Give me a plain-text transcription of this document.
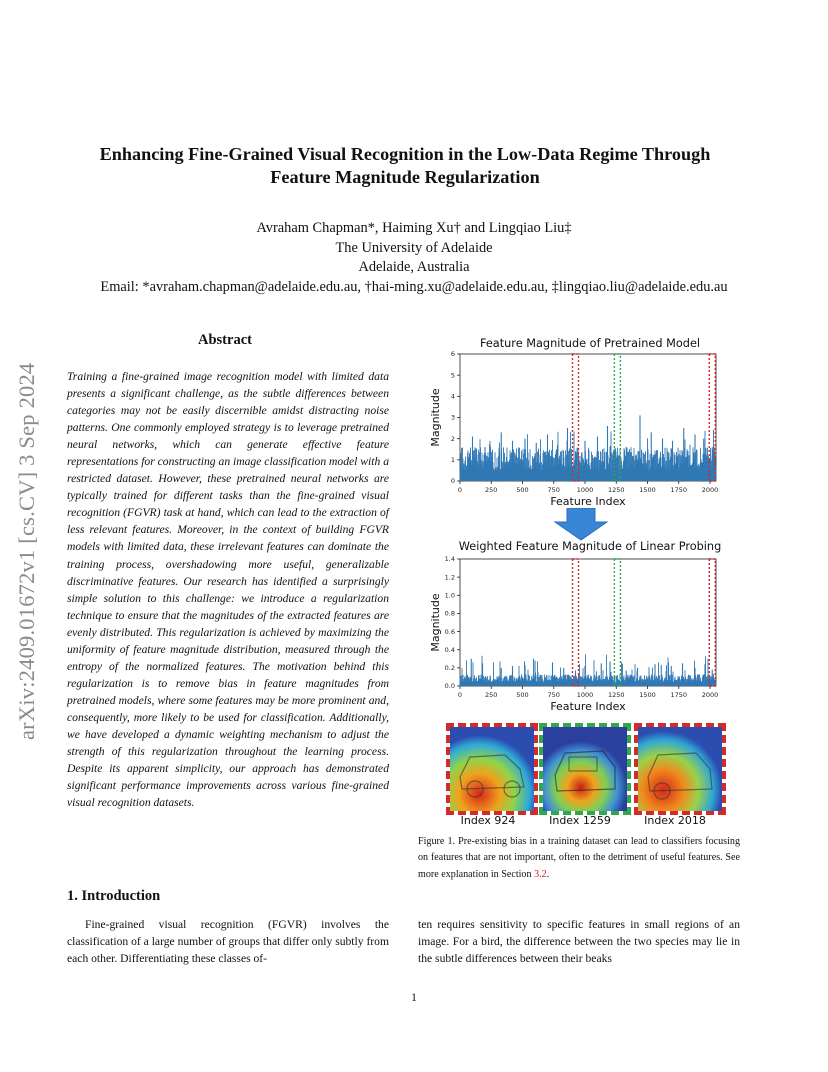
arXiv:2409.01672v1 [cs.CV] 3 Sep 2024
Enhancing Fine-Grained Visual Recognition in the Low-Data Regime Through
Feature Magnitude Regularization
Avraham Chapman*, Haiming Xu† and Lingqiao Liu‡
The University of Adelaide
Adelaide, Australia
Email: *avraham.chapman@adelaide.edu.au, †hai-ming.xu@adelaide.edu.au, ‡lingqiao.liu@adelaide.edu.au
Abstract
Training a fine-grained image recognition model with limited data presents a significant challenge, as the subtle differences between categories may not be easily discernible amidst distracting noise patterns. One commonly employed strategy is to leverage pretrained neural networks, which can generate effective feature representations for constructing an image classification model with a restricted dataset. However, these pretrained neural networks are typically trained for different tasks than the fine-grained visual recognition (FGVR) task at hand, which can lead to the extraction of less relevant features. Moreover, in the context of building FGVR models with limited data, these irrelevant features can dominate the training process, overshadowing more useful, generalizable discriminative features. Our research has identified a surprisingly simple solution to this challenge: we introduce a regularization technique to ensure that the magnitudes of the extracted features are evenly distributed. This regularization is achieved by maximizing the uniformity of feature magnitude distribution, measured through the entropy of the normalized features. The motivation behind this regularization is to remove bias in feature magnitudes from pretrained models, where some features may be more prominent and, consequently, more likely to be used for classification. Additionally, we have developed a dynamic weighting mechanism to adjust the strength of this regularization throughout the learning process. Despite its apparent simplicity, our approach has demonstrated significant performance improvements across various fine-grained visual recognition datasets.
1. Introduction
Fine-grained visual recognition (FGVR) involves the classification of a large number of groups that differ only subtly from each other. Differentiating these classes of-
ten requires sensitivity to specific features in small regions of an image. For a bird, the difference between the two species may lie in the subtle differences between their beaks
Feature Magnitude of Pretrained Model
0	250	500	750	1000 1250 1500 1750 2000
0
1
2
3
4
5
6
Feature Index
Magnitude
Weighted Feature Magnitude of Linear Probing
0	250	500	750	1000 1250 1500 1750 2000
0.0
0.2
0.4
0.6
0.8
1.0
1.2
1.4
Feature Index
Magnitude
Index 924	Index 1259	Index 2018
Figure 1. Pre-existing bias in a training dataset can lead to classifiers focusing on features that are not important, often to the detriment of useful features. See more explanation in Section 3.2.
1
